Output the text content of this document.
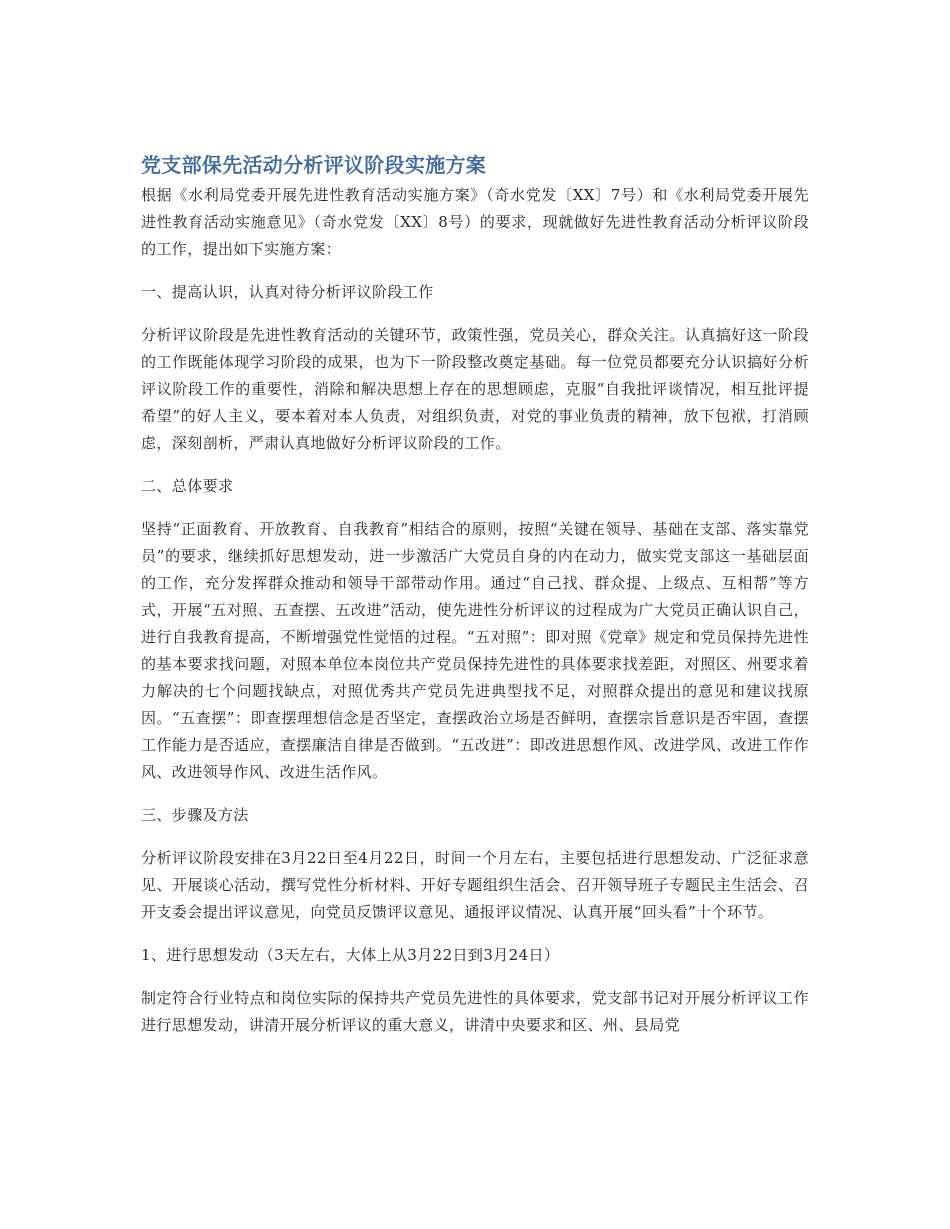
党支部保先活动分析评议阶段实施方案

根据《水利局党委开展先进性教育活动实施方案》（奇水党发〔XX〕7号）和《水利局党委开展先进性教育活动实施意见》（奇水党发〔XX〕8号）的要求，现就做好先进性教育活动分析评议阶段的工作，提出如下实施方案：

一、提高认识，认真对待分析评议阶段工作

分析评议阶段是先进性教育活动的关键环节，政策性强，党员关心，群众关注。认真搞好这一阶段的工作既能体现学习阶段的成果，也为下一阶段整改奠定基础。每一位党员都要充分认识搞好分析评议阶段工作的重要性，消除和解决思想上存在的思想顾虑，克服“自我批评谈情况，相互批评提希望”的好人主义，要本着对本人负责，对组织负责，对党的事业负责的精神，放下包袱，打消顾虑，深刻剖析，严肃认真地做好分析评议阶段的工作。

二、总体要求

坚持“正面教育、开放教育、自我教育”相结合的原则，按照“关键在领导、基础在支部、落实靠党员”的要求，继续抓好思想发动，进一步激活广大党员自身的内在动力，做实党支部这一基础层面的工作，充分发挥群众推动和领导干部带动作用。通过“自己找、群众提、上级点、互相帮”等方式，开展“五对照、五查摆、五改进”活动，使先进性分析评议的过程成为广大党员正确认识自己，进行自我教育提高，不断增强党性觉悟的过程。“五对照”：即对照《党章》规定和党员保持先进性的基本要求找问题，对照本单位本岗位共产党员保持先进性的具体要求找差距，对照区、州要求着力解决的七个问题找缺点，对照优秀共产党员先进典型找不足，对照群众提出的意见和建议找原因。“五查摆”：即查摆理想信念是否坚定，查摆政治立场是否鲜明，查摆宗旨意识是否牢固，查摆工作能力是否适应，查摆廉洁自律是否做到。“五改进”：即改进思想作风、改进学风、改进工作作风、改进领导作风、改进生活作风。

三、步骤及方法

分析评议阶段安排在3月22日至4月22日，时间一个月左右，主要包括进行思想发动、广泛征求意见、开展谈心活动，撰写党性分析材料、开好专题组织生活会、召开领导班子专题民主生活会、召开支委会提出评议意见，向党员反馈评议意见、通报评议情况、认真开展“回头看”十个环节。

1、进行思想发动（3天左右，大体上从3月22日到3月24日）

制定符合行业特点和岗位实际的保持共产党员先进性的具体要求，党支部书记对开展分析评议工作进行思想发动，讲清开展分析评议的重大意义，讲清中央要求和区、州、县局党
